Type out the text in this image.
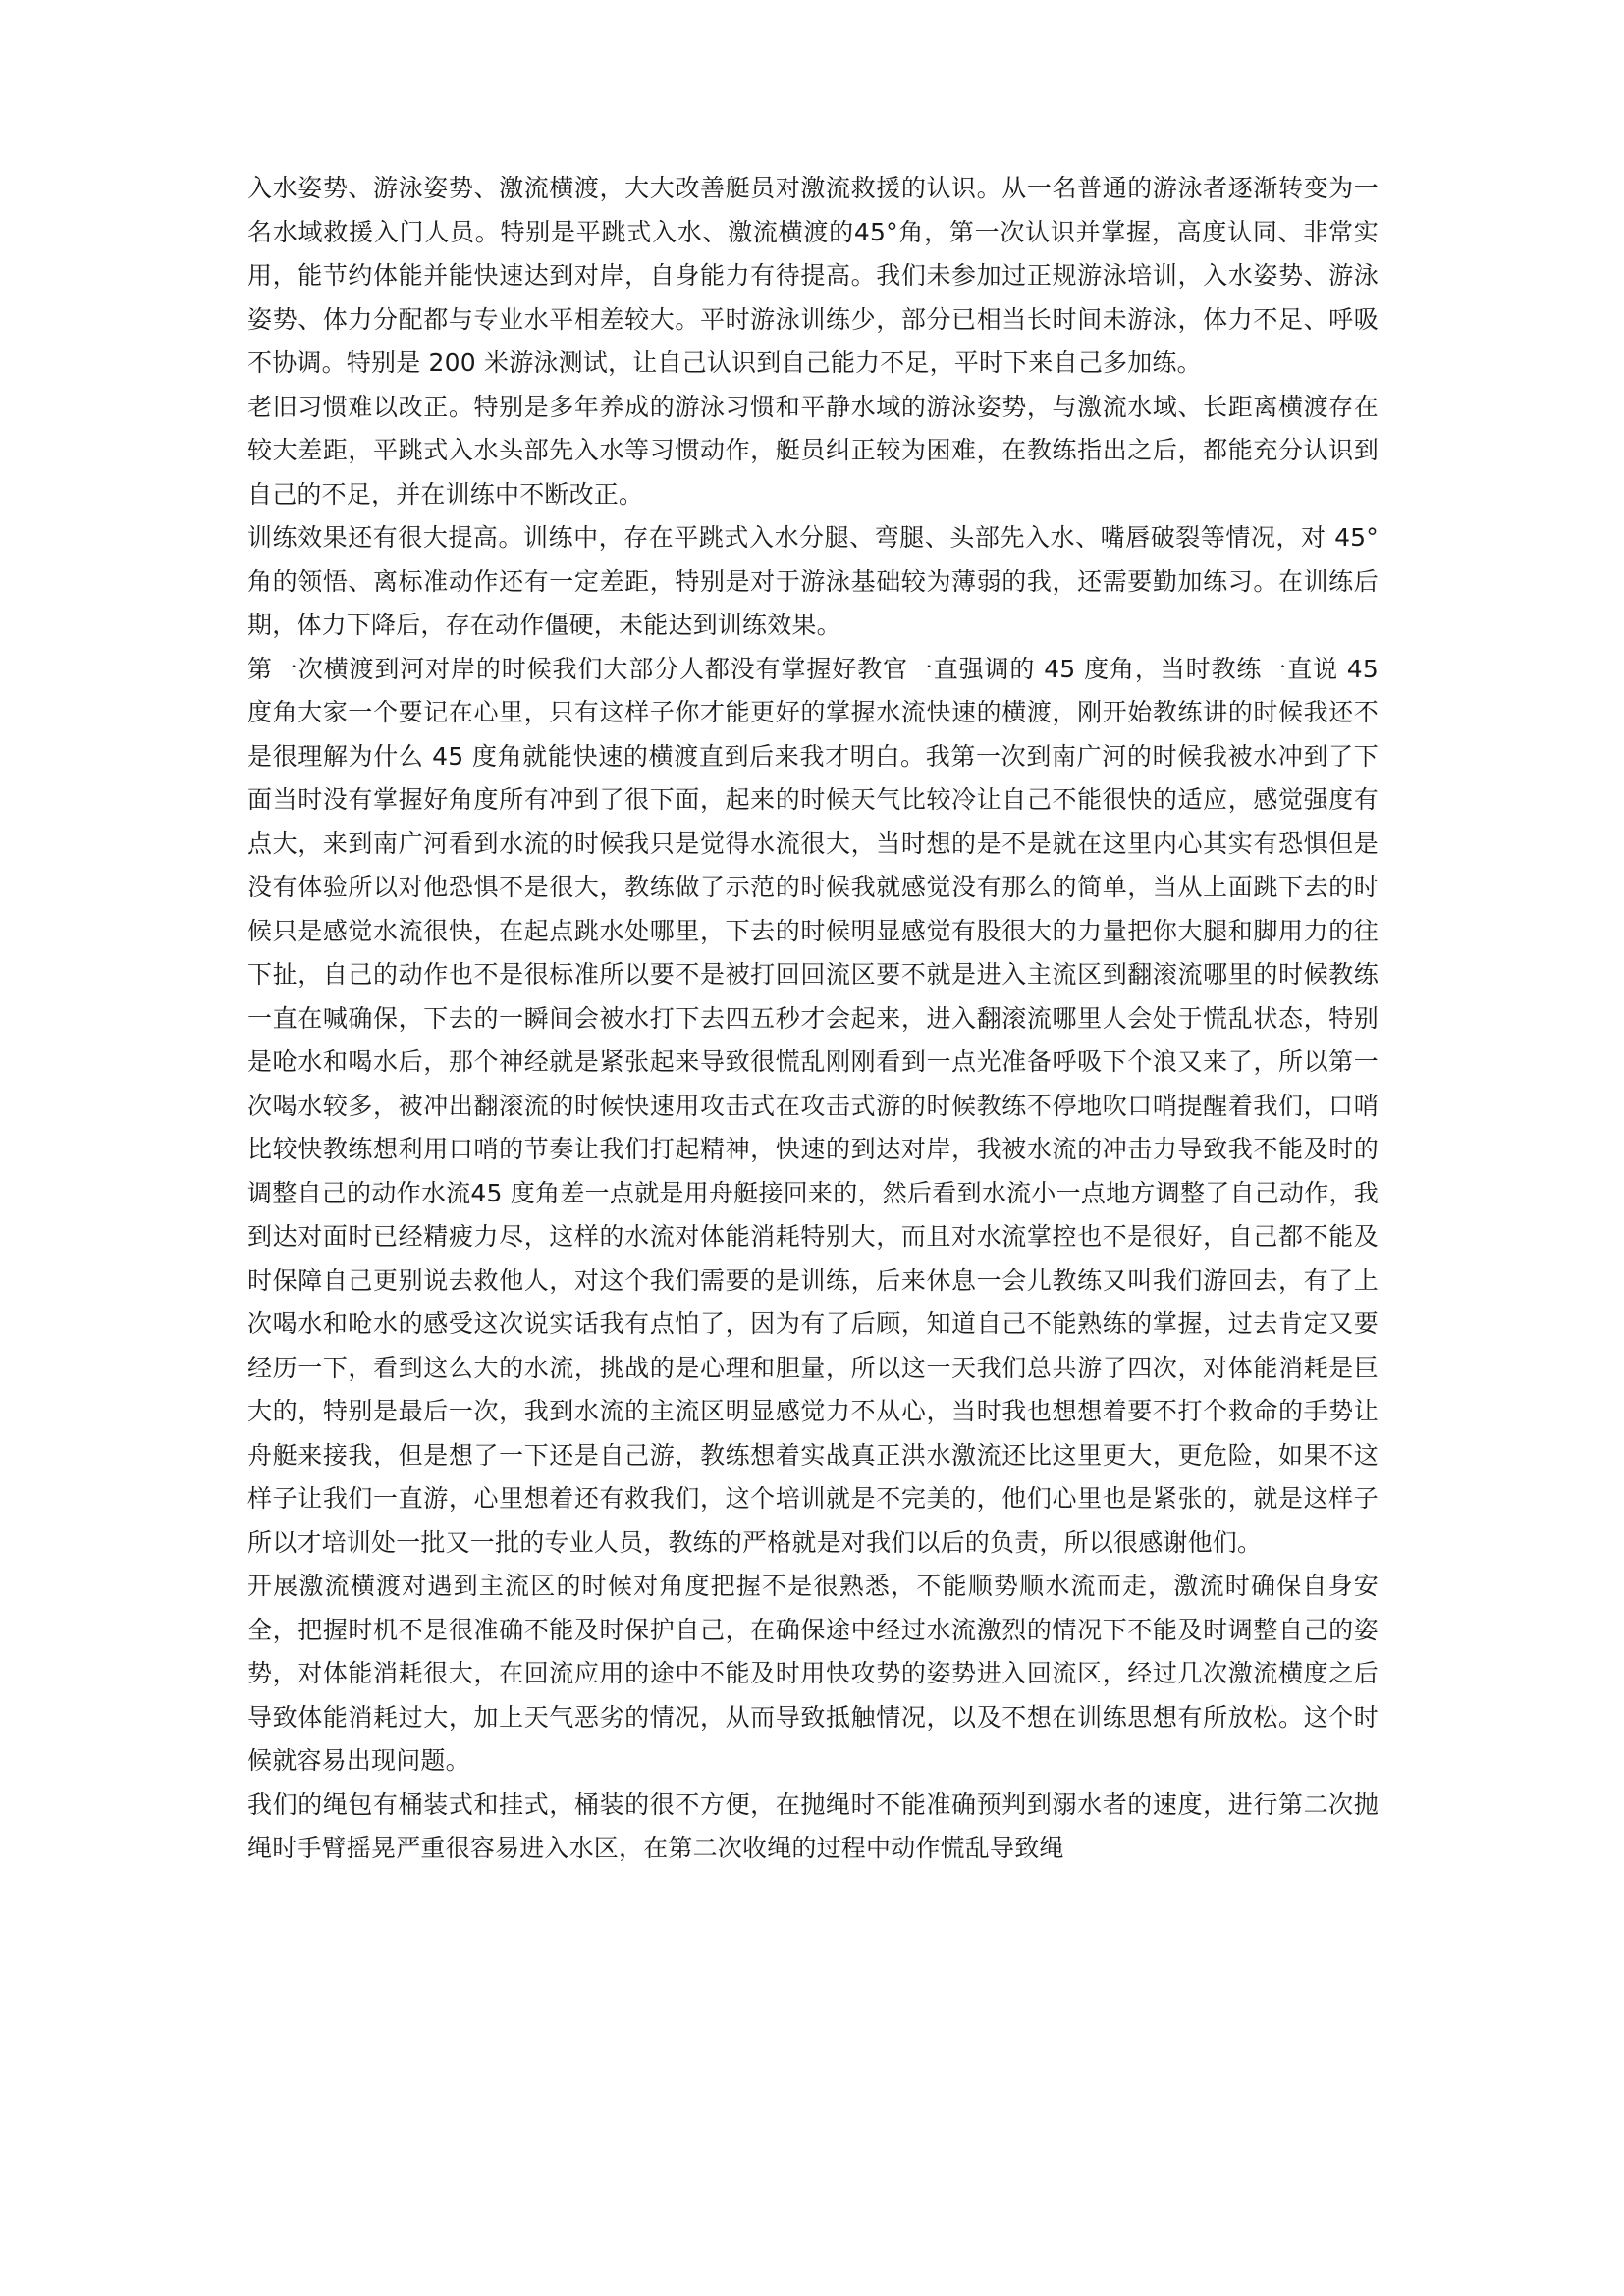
入水姿势、游泳姿势、激流横渡，大大改善艇员对激流救援的认识。从一名普通的游泳者逐渐转变为一名水域救援入门人员。特别是平跳式入水、激流横渡的45°角，第一次认识并掌握，高度认同、非常实用，能节约体能并能快速达到对岸，自身能力有待提高。我们未参加过正规游泳培训，入水姿势、游泳姿势、体力分配都与专业水平相差较大。平时游泳训练少，部分已相当长时间未游泳，体力不足、呼吸不协调。特别是 200 米游泳测试，让自己认识到自己能力不足，平时下来自己多加练。

老旧习惯难以改正。特别是多年养成的游泳习惯和平静水域的游泳姿势，与激流水域、长距离横渡存在较大差距，平跳式入水头部先入水等习惯动作，艇员纠正较为困难，在教练指出之后，都能充分认识到自己的不足，并在训练中不断改正。

训练效果还有很大提高。训练中，存在平跳式入水分腿、弯腿、头部先入水、嘴唇破裂等情况，对 45°角的领悟、离标准动作还有一定差距，特别是对于游泳基础较为薄弱的我，还需要勤加练习。在训练后期，体力下降后，存在动作僵硬，未能达到训练效果。

第一次横渡到河对岸的时候我们大部分人都没有掌握好教官一直强调的 45 度角，当时教练一直说 45 度角大家一个要记在心里，只有这样子你才能更好的掌握水流快速的横渡，刚开始教练讲的时候我还不是很理解为什么 45 度角就能快速的横渡直到后来我才明白。我第一次到南广河的时候我被水冲到了下面当时没有掌握好角度所有冲到了很下面，起来的时候天气比较冷让自己不能很快的适应，感觉强度有点大，来到南广河看到水流的时候我只是觉得水流很大，当时想的是不是就在这里内心其实有恐惧但是没有体验所以对他恐惧不是很大，教练做了示范的时候我就感觉没有那么的简单，当从上面跳下去的时候只是感觉水流很快，在起点跳水处哪里，下去的时候明显感觉有股很大的力量把你大腿和脚用力的往下扯，自己的动作也不是很标准所以要不是被打回回流区要不就是进入主流区到翻滚流哪里的时候教练一直在喊确保，下去的一瞬间会被水打下去四五秒才会起来，进入翻滚流哪里人会处于慌乱状态，特别是呛水和喝水后，那个神经就是紧张起来导致很慌乱刚刚看到一点光准备呼吸下个浪又来了，所以第一次喝水较多，被冲出翻滚流的时候快速用攻击式在攻击式游的时候教练不停地吹口哨提醒着我们，口哨比较快教练想利用口哨的节奏让我们打起精神，快速的到达对岸，我被水流的冲击力导致我不能及时的调整自己的动作水流45 度角差一点就是用舟艇接回来的，然后看到水流小一点地方调整了自己动作，我到达对面时已经精疲力尽，这样的水流对体能消耗特别大，而且对水流掌控也不是很好，自己都不能及时保障自己更别说去救他人，对这个我们需要的是训练，后来休息一会儿教练又叫我们游回去，有了上次喝水和呛水的感受这次说实话我有点怕了，因为有了后顾，知道自己不能熟练的掌握，过去肯定又要经历一下，看到这么大的水流，挑战的是心理和胆量，所以这一天我们总共游了四次，对体能消耗是巨大的，特别是最后一次，我到水流的主流区明显感觉力不从心，当时我也想想着要不打个救命的手势让舟艇来接我，但是想了一下还是自己游，教练想着实战真正洪水激流还比这里更大，更危险，如果不这样子让我们一直游，心里想着还有救我们，这个培训就是不完美的，他们心里也是紧张的，就是这样子所以才培训处一批又一批的专业人员，教练的严格就是对我们以后的负责，所以很感谢他们。

开展激流横渡对遇到主流区的时候对角度把握不是很熟悉，不能顺势顺水流而走，激流时确保自身安全，把握时机不是很准确不能及时保护自己，在确保途中经过水流激烈的情况下不能及时调整自己的姿势，对体能消耗很大，在回流应用的途中不能及时用快攻势的姿势进入回流区，经过几次激流横度之后导致体能消耗过大，加上天气恶劣的情况，从而导致抵触情况，以及不想在训练思想有所放松。这个时候就容易出现问题。

我们的绳包有桶装式和挂式，桶装的很不方便，在抛绳时不能准确预判到溺水者的速度，进行第二次抛绳时手臂摇晃严重很容易进入水区，在第二次收绳的过程中动作慌乱导致绳
